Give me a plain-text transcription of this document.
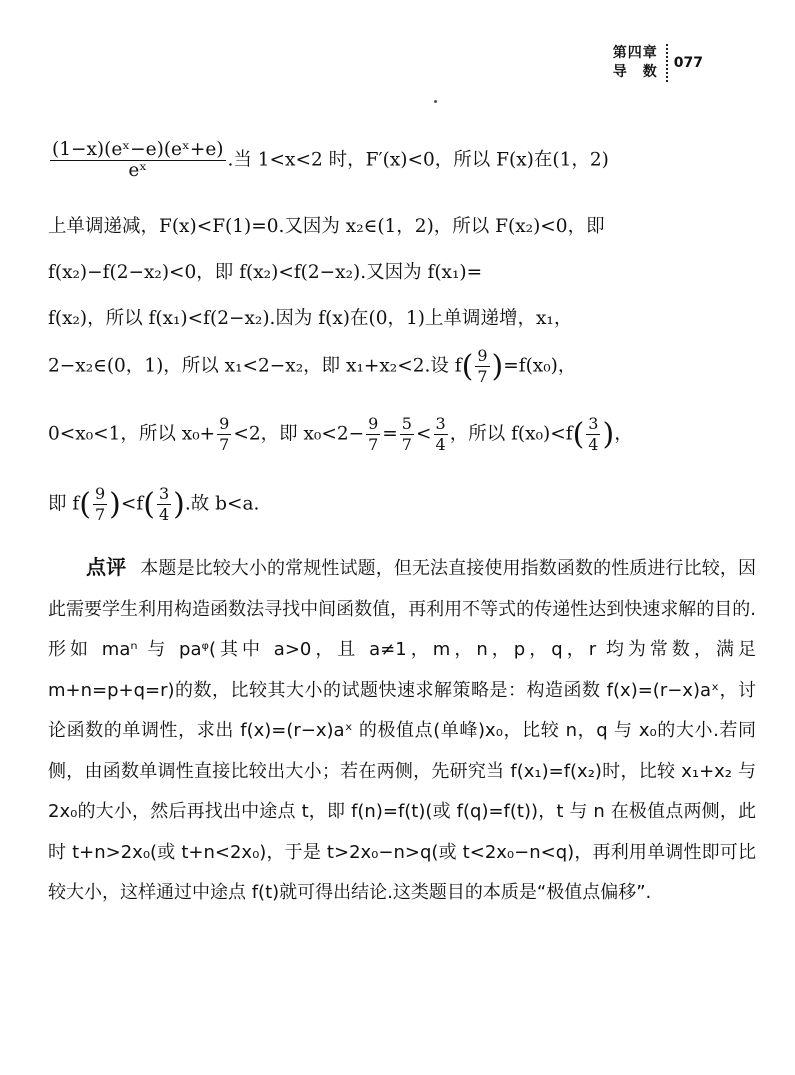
第四章
导　数
077
$\frac{\text{(1−x)(eˣ−e)(eˣ+e)}}{\text{eˣ}}$ .当 1<x<2 时，F′(x)<0，所以 F(x)在(1，2)
上单调递减，F(x)<F(1)=0.又因为 x₂∈(1，2)，所以 F(x₂)<0，即
f(x₂)−f(2−x₂)<0，即 f(x₂)<f(2−x₂).又因为 f(x₁)=
f(x₂)，所以 f(x₁)<f(2−x₂).因为 f(x)在(0，1)上单调递增，x₁，
2−x₂∈(0，1)，所以 x₁<2−x₂，即 x₁+x₂<2.设 $f( \frac{9}{7} )=f(x_0)$，
0<x₀<1，所以 $x_0+ \frac{9}{7} <2$，即 $x_0<2- \frac{9}{7} = \frac{5}{7} < \frac{3}{4}$ ，所以 $f(x_0)<f( \frac{3}{4}$ )，
即 $f( \frac{9}{7} )<f( \frac{3}{4}$ ).故 b<a.
点评 本题是比较大小的常规性试题，但无法直接使用指数函数的性质进行比较，因此需要学生利用构造函数法寻找中间函数值，再利用不等式的传递性达到快速求解的目的.形如 maⁿ 与 paᵠ(其中 a>0，且 a≠1，m，n，p，q，r 均为常数，满足 m+n=p+q=r)的数，比较其大小的试题快速求解策略是：构造函数 f(x)=(r−x)aˣ，讨论函数的单调性，求出 f(x)=(r−x)aˣ 的极值点(单峰)x₀，比较 n，q 与 x₀的大小.若同侧，由函数单调性直接比较出大小；若在两侧，先研究当 f(x₁)=f(x₂)时，比较 x₁+x₂ 与 2x₀的大小，然后再找出中途点 t，即 f(n)=f(t)(或 f(q)=f(t))，t 与 n 在极值点两侧，此时 t+n>2x₀(或 t+n<2x₀)，于是 t>2x₀−n>q(或 t<2x₀−n<q)，再利用单调性即可比较大小，这样通过中途点 f(t)就可得出结论.这类题目的本质是“极值点偏移”.
